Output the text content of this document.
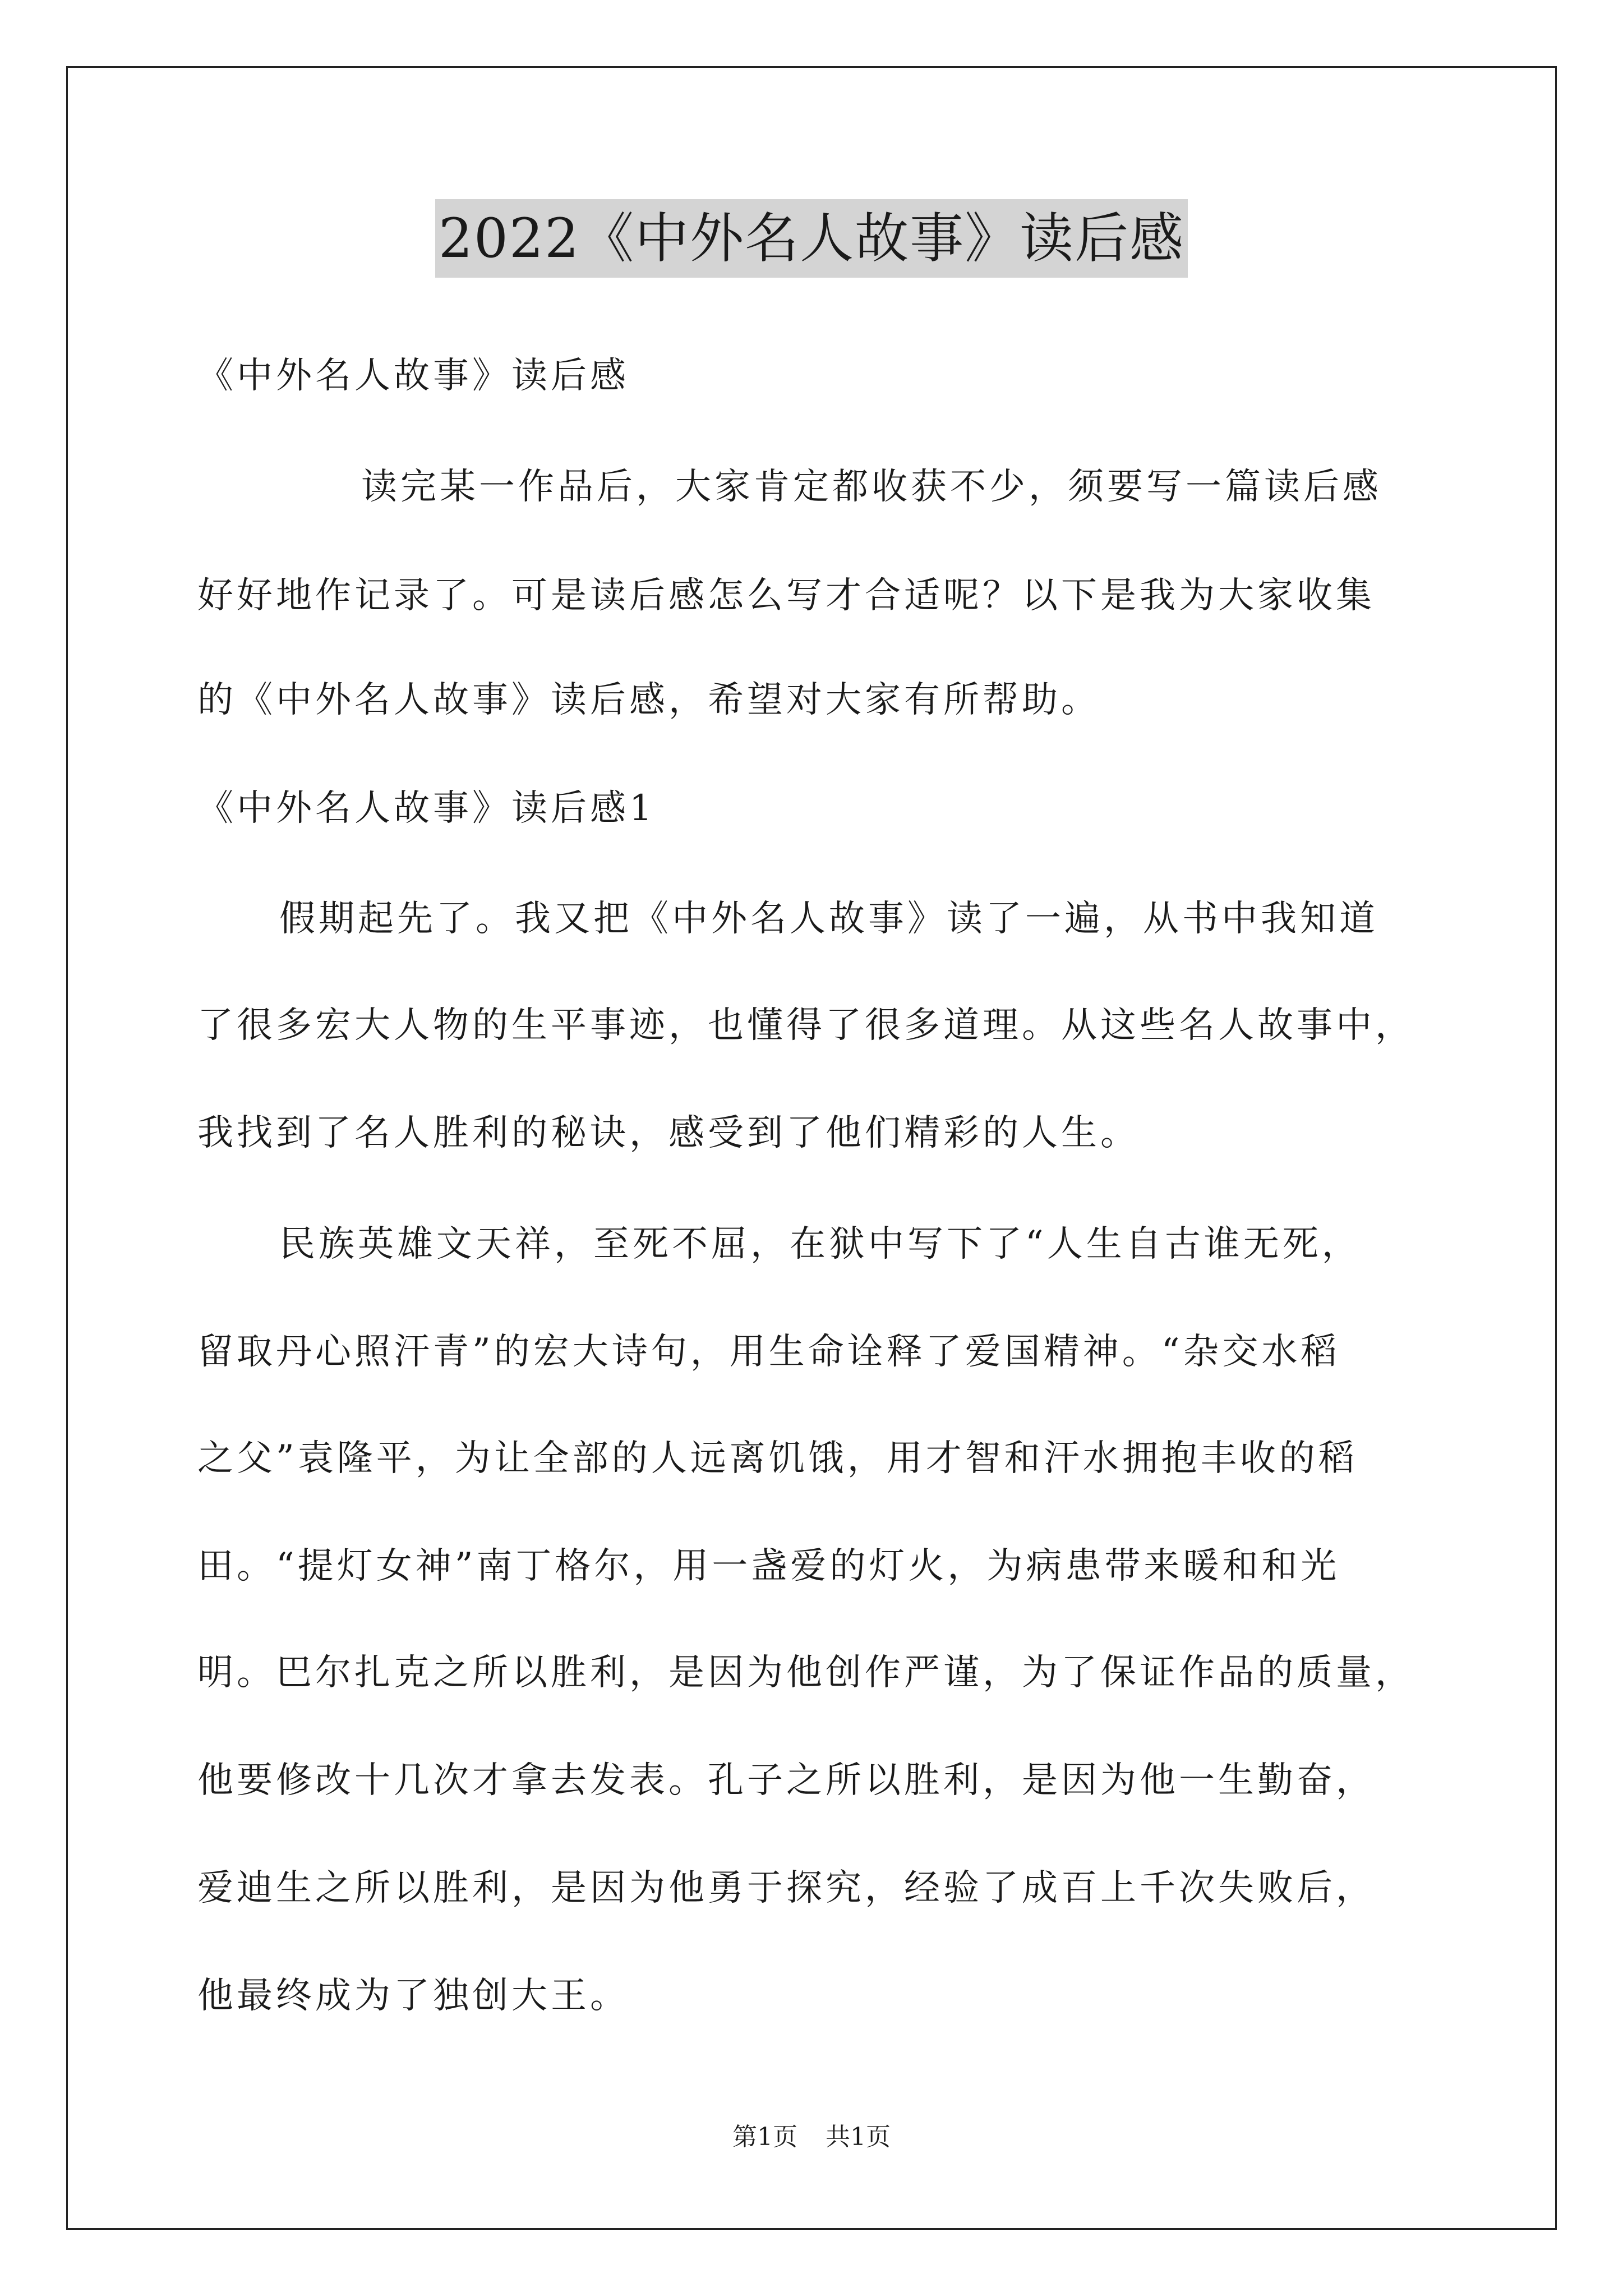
2022《中外名人故事》读后感
《中外名人故事》读后感
读完某一作品后，大家肯定都收获不少，须要写一篇读后感
好好地作记录了。可是读后感怎么写才合适呢？以下是我为大家收集
的《中外名人故事》读后感，希望对大家有所帮助。
《中外名人故事》读后感1
假期起先了。我又把《中外名人故事》读了一遍，从书中我知道
了很多宏大人物的生平事迹，也懂得了很多道理。从这些名人故事中，
我找到了名人胜利的秘诀，感受到了他们精彩的人生。
民族英雄文天祥，至死不屈，在狱中写下了“人生自古谁无死，
留取丹心照汗青”的宏大诗句，用生命诠释了爱国精神。“杂交水稻
之父”袁隆平，为让全部的人远离饥饿，用才智和汗水拥抱丰收的稻
田。“提灯女神”南丁格尔，用一盏爱的灯火，为病患带来暖和和光
明。巴尔扎克之所以胜利，是因为他创作严谨，为了保证作品的质量，
他要修改十几次才拿去发表。孔子之所以胜利，是因为他一生勤奋，
爱迪生之所以胜利，是因为他勇于探究，经验了成百上千次失败后，
他最终成为了独创大王。
第1页 共1页
